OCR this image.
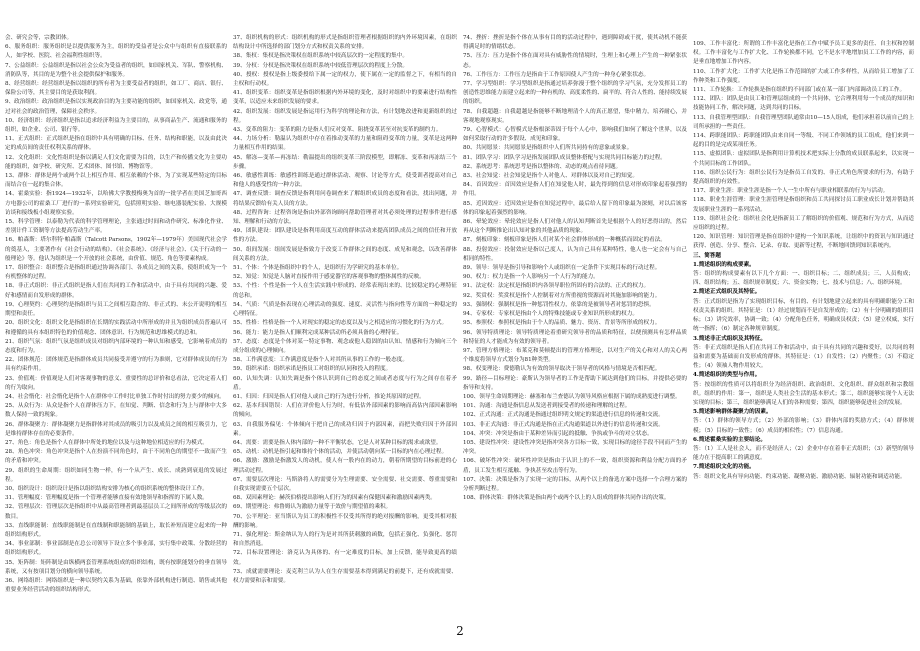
会、研究会等，宗教团体。

6、服务组织：服务组织是以提供服务为主，组织的受益者是公众中与组织有直接联系的人，如学校、医院、社会福利性组织等。

7、公益组织：公益组织是指以社会公众为受益者的组织，如国家机关、军队、警察机构、消防队等，其目的是为整个社会提供保护和服务。

8、经营组织：经营组织是指以组织的所有者为主要受益者的组织，如工厂、商店、银行、保险公司等，其主要目的是获取利润。

9、政治组织：政治组织是指以实现政治目的为主要功能的组织，如国家机关、政党等，通过对社会的政治管理，保障社会秩序。

10、经济组织：经济组织是指以追求经济利益为主要目的，从事商品生产、流通和服务的组织，如企业、公司、银行等。

11、正式组织：正式组织是指在组织中具有明确的目标、任务、结构和职能，以及由此决定的成员间的责任权利关系的群体。

12、文化组织：文化性组织是指以满足人们文化需要为目的，以生产和传播文化为主要功能的组织，如学校、研究所、艺术团体、图书馆、博物馆等。

13、群体：群体是两个或两个以上相互作用、相互依赖的个体，为了实现某些特定的目标而结合在一起的集合体。

14、霍桑实验：指1924—1932年，以哈佛大学教授梅奥为首的一批学者在美国芝加哥西方电器公司的霍桑工厂进行的一系列实验研究，包括照明实验、继电器装配实验、大规模访谈和接线板小组观察实验。

15、科学管理：以泰勒为代表的科学管理理论，主张通过时间和动作研究、标准化作业、差别计件工资制等方法提高劳动生产率。

16、帕森斯：塔尔科特·帕森斯（Talcott Parsons，1902年—1979年）美国现代社会学的奠基人，主要著作有《社会行动的结构》、《社会系统》、《经济与社会》、《关于行动的一般理论》等。他认为组织是一个开放的社会系统，由价值、规范、角色等要素构成。

17、组织整合：组织整合是指组织通过协调各部门、各成员之间的关系，使组织成为一个有机整体的过程。

18、非正式组织：非正式组织是指人们在共同的工作和活动中，由于具有共同的兴趣、爱好和感情而自发形成的群体。

19、心理契约：心理契约是指组织与员工之间相互隐含的、非正式的、未公开说明的相互期望和责任。

20、组织文化：组织文化是指组织在长期的实践活动中所形成的并且为组织成员普遍认可和遵循的具有本组织特色的价值观念、团体意识、行为规范和思维模式的总和。

21、组织气氛：组织气氛是组织成员对组织内部环境的一种认知和感受，它影响着成员的态度和行为。

22、团体规范：团体规范是指群体成员共同接受并遵守的行为准则，它对群体成员的行为具有约束作用。

23、价值观：价值观是人们对客观事物的意义、重要性的总评价和总看法，它决定着人们的行为取向。

24、社会惰化：社会惰化是指个人在群体中工作时比单独工作时付出的努力要少的倾向。

25、从众行为：从众是指个人在群体压力下，在知觉、判断、信念和行为上与群体中大多数人保持一致的现象。

26、群体凝聚力：群体凝聚力是指群体对其成员的吸引力以及成员之间的相互吸引力，它是维持群体存在的必要条件。

27、角色：角色是指个人在群体中所处的地位以及与这种地位相适应的行为模式。

28、角色冲突：角色冲突是指个人在扮演不同角色时，由于不同角色的期望不一致而产生的矛盾和冲突。

29、组织的生命周期：组织如同生物一样，有一个从产生、成长、成熟到衰退的发展过程。

30、组织设计：组织设计是指以组织结构安排为核心的组织系统的整体设计工作。

31、管理幅度：管理幅度是指一个管理者能够直接有效地领导和指挥的下属人数。

32、管理层次：管理层次是指组织中从最高管理者到最基层员工之间所形成的等级层次的数目。

33、直线职能制：直线职能制是在直线制和职能制的基础上，取长补短而建立起来的一种组织结构形式。

34、事业部制：事业部制是在总公司领导下设立多个事业部，实行集中政策、分散经营的组织结构形式。

35、矩阵制：矩阵制是由纵横两套管理系统组成的组织结构，既有按职能划分的垂直领导系统，又有按项目划分的横向领导系统。

36、网络组织：网络组织是一种以契约关系为基础，依靠外部机构进行制造、销售或其他重要业务经营活动的组织结构形式。

37、组织机构的形式：组织机构的形式是指组织管理者根据组织的内外环境因素，在组织结构设计中所选择的部门划分方式和权责关系的安排。

38、集权：集权是指决策权在组织系统中较高层次的一定程度的集中。

39、分权：分权是指决策权在组织系统中较低管理层次的程度上分散。

40、授权：授权是指上级委授给下属一定的权力，使下属在一定的监督之下，有相当的自主权和行动权。

41、组织变革：组织变革是指组织根据内外环境的变化，及时对组织中的要素进行结构性变革，以适应未来组织发展的要求。

42、组织发展：组织发展是指运用行为科学的理论和方法，有计划地改进和更新组织的过程。

43、变革的阻力：变革的阻力是指人们反对变革、阻挠变革甚至对抗变革的制约力。

44、力场分析：勒温认为组织中存在着推动变革的力量和阻碍变革的力量，变革是这两种力量相互作用的结果。

45、解冻—变革—再冻结：勒温提出的组织变革三阶段模型，即解冻、变革和再冻结三个步骤。

46、敏感性训练：敏感性训练是通过群体活动、观察、讨论等方式，使受训者提高对自己和他人的感受性的一种方法。

47、调查反馈：调查反馈是指利用问卷调查来了解组织成员的态度和看法，找出问题，并将结果反馈给有关人员的方法。

48、过程咨询：过程咨询是指由外部咨询顾问帮助管理者对其必须处理的过程事件进行感知、理解和行动的方法。

49、团队建设：团队建设是指利用高度互动的群体活动来提高团队成员之间的信任和开放性的方法。

50、组间发展：组间发展是指致力于改变工作群体之间的态度、成见和观念，以改善群体间关系的方法。

51、个体：个体是指组织中的个人，是组织行为学研究的基本单位。

52、知觉：知觉是人脑对直接作用于感觉器官的客观事物的整体属性的反映。

53、个性：个性是指一个人在生活实践中形成的、经常表现出来的、比较稳定的心理特征的总和。

54、气质：气质是指表现在心理活动的强度、速度、灵活性与指向性等方面的一种稳定的心理特征。

55、性格：性格是指一个人对现实的稳定的态度以及与之相适应的习惯化的行为方式。

56、能力：能力是指人们顺利完成某种活动所必须具备的心理特征。

57、态度：态度是个体对某一特定事物、观念或他人稳固的由认知、情感和行为倾向三个成分组成的心理倾向。

58、工作满意度：工作满意度是指个人对其所从事的工作的一般态度。

59、组织承诺：组织承诺是指员工对组织的认同和投入的程度。

60、认知失调：认知失调是指个体认识到自己的态度之间或者态度与行为之间存在着矛盾。

61、归因：归因是指人们对他人或自己的行为进行分析，推论其原因的过程。

62、基本归因错误：人们在评价他人行为时，有低估外部因素的影响而高估内部因素影响的倾向。

63、自我服务偏见：个体倾向于把自己的成功归因于内部因素，而把失败归因于外部因素。

64、需要：需要是指人体内部的一种不平衡状态，它是人对某种目标的渴求或欲望。

65、动机：动机是指引起和维持个体的活动，并使活动朝向某一目标的内在心理过程。

66、激励：激励是指激发人的动机，使人有一股内在的动力，朝着所期望的目标前进的心理活动过程。

67、需要层次理论：马斯洛将人的需要分为生理需要、安全需要、社交需要、尊重需要和自我实现需要五个层次。

68、双因素理论：赫茨伯格提出影响人们行为的因素有保健因素和激励因素两类。

69、期望理论：弗鲁姆认为激励力量等于效价与期望值的乘积。

70、公平理论：亚当斯认为员工的积极性不仅受其所得的绝对报酬的影响，更受其相对报酬的影响。

71、强化理论：斯金纳认为人的行为是对其所获刺激的函数，包括正强化、负强化、惩罚和自然消退。

72、目标设置理论：洛克认为具体的、有一定难度的目标，加上反馈，能导致更高的绩效。

73、成就需要理论：麦克利兰认为人在生存需要基本得到满足的前提下，还有成就需要、权力需要和亲和需要。

74、挫折：挫折是指个体在从事有目的的活动过程中，遇到障碍或干扰，使其动机不能获得满足时的情绪状态。

75、压力：压力是指个体在面对具有威胁性的情境时，生理上和心理上产生的一种紧张状态。

76、工作压力：工作压力是指由于工作原因使人产生的一种身心紧张状态。

77、学习型组织：学习型组织是指通过培养弥漫于整个组织的学习气氛，充分发挥员工的创造性思维能力而建立起来的一种有机的、高度柔性的、扁平的、符合人性的、能持续发展的组织。

78、自我超越：自我超越是指能够不断地理清个人的真正愿望，集中精力，培养耐心，并客观地观察现实。

79、心智模式：心智模式是指根深蒂固于每个人心中，影响我们如何了解这个世界，以及如何采取行动的许多假设、成见和印象。

80、共同愿景：共同愿景是指组织中人们所共同持有的意象或景象。

81、团队学习：团队学习是指发展团队成员整体搭配与实现共同目标能力的过程。

82、系统思考：系统思考是指以整体的、动态的观点看待问题。

83、社会知觉：社会知觉是指个人对他人、对群体以及对自己的知觉。

84、首因效应：首因效应是指人们在知觉他人时，最先得到的信息对形成印象起着强烈的作用。

85、近因效应：近因效应是指在知觉过程中，最后给人留下的印象最为深刻，对以后该客体的印象起着强烈的影响。

86、晕轮效应：晕轮效应是指人们对他人的认知判断首先是根据个人的好恶得出的，然后再从这个判断推论出认知对象的其他品质的现象。

87、刻板印象：刻板印象是指人们对某个社会群体形成的一种概括而固定的看法。

88、投射效应：投射效应是指以己度人，认为自己具有某种特性，他人也一定会有与自己相同的特性。

89、领导：领导是指引导和影响个人或组织在一定条件下实现目标的行动过程。

90、权力：权力是指一个人影响另一个人行为的能力。

91、法定权：法定权是指组织内各领导职位所固有的合法的、正式的权力。

92、奖赏权：奖赏权是指个人控制着对方所重视的资源而对其施加影响的能力。

93、强制权：强制权是指一种惩罚性权力，依靠的是被领导者对惩罚的恐惧。

94、专家权：专家权是指由个人的特殊技能或专业知识所形成的权力。

95、参照权：参照权是指由于个人的品质、魅力、资历、背景等所形成的权力。

96、领导特质理论：领导特质理论着重研究领导者的品质和特征，以便预测具有怎样品质和特征的人才能成为有效的领导者。

97、管理方格理论：布莱克和莫顿提出的管理方格理论，以对生产的关心和对人的关心两个维度将领导方式划分为81种类型。

98、权变理论：费德勒认为有效的领导取决于领导者的风格与情境是否相匹配。

99、路径—目标理论：豪斯认为领导者的工作是帮助下属达到他们的目标，并提供必要的指导和支持。

100、领导生命周期理论：赫塞和布兰查德认为领导风格应根据下属的成熟度进行调整。

101、沟通：沟通是指信息从发送者到接受者的传递和理解的过程。

102、正式沟通：正式沟通是指通过组织明文规定的渠道进行信息的传递和交流。

103、非正式沟通：非正式沟通是指在正式沟通渠道以外进行的信息传递和交流。

104、冲突：冲突是指由于某种差异而引起的抵触、争执或争斗的对立状态。

105、建设性冲突：建设性冲突是指冲突各方目标一致，实现目标的途径手段不同而产生的冲突。

106、破坏性冲突：破坏性冲突是指由于认识上的不一致，组织资源和利益分配方面的矛盾，员工发生相互抵触、争执甚至攻击等行为。

107、决策：决策是指为了实现一定的目标，从两个以上的备选方案中选择一个合理方案的分析判断过程。

108、群体决策：群体决策是指由两个或两个以上的人组成的群体共同作出的决策。

109、工作丰富化：所谓的工作丰富化是指在工作中赋予员工更多的责任、自主权和控制权。工作丰富化与工作扩大化、工作轮换都不同，它不是水平地增加员工工作的内容，而是垂直地增加工作内容。

110、工作扩大化：工作扩大化是指工作范围的扩大或工作多样性，从而给员工增加了工作种类和工作强度。

111、工作轮换：工作轮换是指在组织的不同部门或在某一部门内部调动员工的工作。

112、团队：团队是由员工和管理层组成的一个共同体，它合理利用每一个成员的知识和技能协同工作，解决问题，达到共同的目标。

113、自我管理型团队：自我管理型团队通常由10—15人组成，他们承担着以前自己的上司所承担的一些责任。

114、跨职能团队：跨职能团队由来自同一等级、不同工作领域的员工组成，他们来到一起的目的是完成某项任务。

115、虚拟团队：虚拟团队是指利用计算机技术把实际上分散的成员联系起来，以实现一个共同目标的工作团队。

116、组织公民行为：组织公民行为是指员工自发的、非正式角色所要求的行为，有助于提高组织的有效性。

117、职业生涯：职业生涯是指一个人一生中所有与职业相联系的行为与活动。

118、职业生涯管理：职业生涯管理是指组织和员工共同探讨员工职业成长计划并帮助其发展职业生涯的一系列活动。

119、组织社会化：组织社会化是指新员工了解组织的价值观、规范和行为方式，从而适应组织的过程。

120、知识管理：知识管理是指在组织中建构一个知识系统，让组织中的资讯与知识通过获得、创造、分享、整合、记录、存取、更新等过程，不断地回馈到知识系统内。

三、简答题

1.简述组织的构成要素。

答：组织的构成要素有以下几个方面：一、组织目标；二、组织成员；三、人员构成；四、组织结构；五、组织规章制度；六、资金实物；七、技术与信息；八、组织环境。

2.简述正式组织及其特征。

答：正式组织是指为了实现组织目标，有目的、有计划地建立起来的具有明确职能分工和权责关系的组织。其特征是：（1）经过规划而不是自发形成的；（2）有十分明确的组织目标；（3）讲究效率，协调一致；（4）分配角色任务，明确成员权责；（5）建立权威，实行统一指挥；（6）制定各种规章制度。

3.简述非正式组织及其特征。

答：非正式组织是指人们在共同工作和活动中，由于具有共同的兴趣和爱好，以共同的利益和需要为基础而自发形成的群体。其特征是：（1）自发性；（2）内聚性；（3）不稳定性；（4）领袖人物作用较大。

4.简述组织的类型与作用。

答：按组织的性质可以将组织分为经济组织、政治组织、文化组织、群众组织和宗教组织。组织的作用：第一，组织是人类社会生活的基本形式；第二，组织能够实现个人无法实现的目标；第三，组织能够满足人们的各种需要；第四，组织能够促进社会的发展。

5.简述影响群体凝聚力的因素。

答：（1）群体的领导方式；（2）外部的影响；（3）群体内部的奖励方式；（4）群体规模；（5）目标的一致性；（6）成员的相似性；（7）信息沟通。

6.简述霍桑实验的主要结论。

答：（1）工人是社会人，而不是经济人；（2）企业中存在着非正式组织；（3）新型的领导能力在于提高职工的满意度。

7.简述组织文化的功能。

答：组织文化具有导向功能、约束功能、凝聚功能、激励功能、辐射功能和调适功能。

2
